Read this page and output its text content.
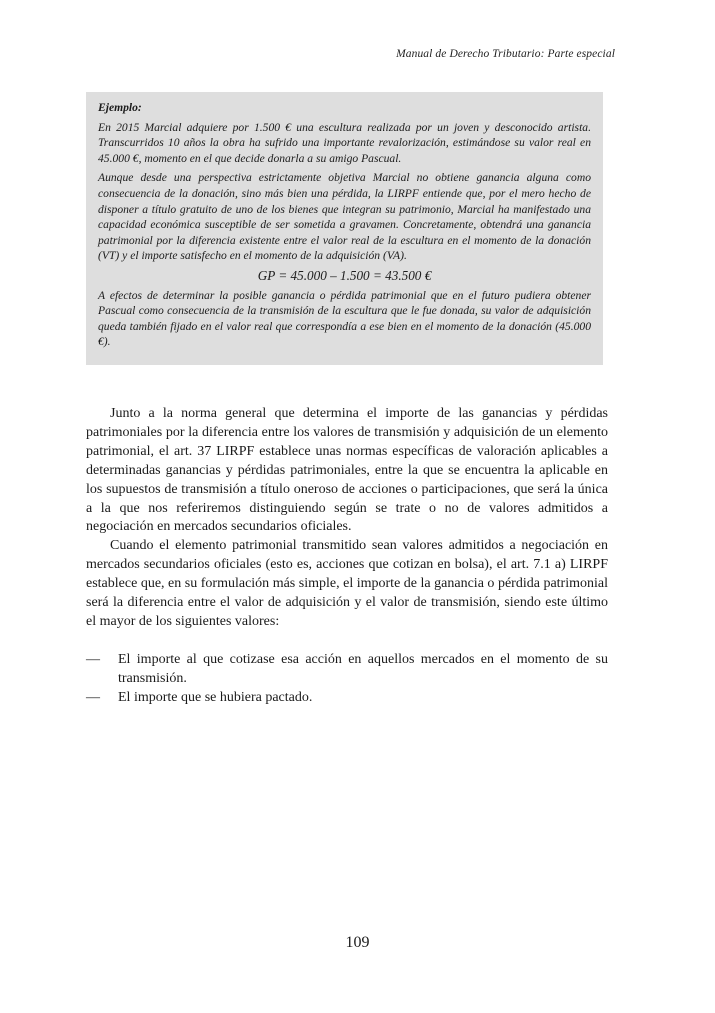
Manual de Derecho Tributario: Parte especial

Ejemplo:

En 2015 Marcial adquiere por 1.500 € una escultura realizada por un joven y desconocido artista. Transcurridos 10 años la obra ha sufrido una importante revalorización, estimándose su valor real en 45.000 €, momento en el que decide donarla a su amigo Pascual.

Aunque desde una perspectiva estrictamente objetiva Marcial no obtiene ganancia alguna como consecuencia de la donación, sino más bien una pérdida, la LIRPF entiende que, por el mero hecho de disponer a título gratuito de uno de los bienes que integran su patrimonio, Marcial ha manifestado una capacidad económica susceptible de ser sometida a gravamen. Concretamente, obtendrá una ganancia patrimonial por la diferencia existente entre el valor real de la escultura en el momento de la donación (VT) y el importe satisfecho en el momento de la adquisición (VA).

GP = 45.000 – 1.500 = 43.500 €

A efectos de determinar la posible ganancia o pérdida patrimonial que en el futuro pudiera obtener Pascual como consecuencia de la transmisión de la escultura que le fue donada, su valor de adquisición queda también fijado en el valor real que correspondía a ese bien en el momento de la donación (45.000 €).

Junto a la norma general que determina el importe de las ganancias y pérdidas patrimoniales por la diferencia entre los valores de transmisión y adquisición de un elemento patrimonial, el art. 37 LIRPF establece unas normas específicas de valoración aplicables a determinadas ganancias y pérdidas patrimoniales, entre la que se encuentra la aplicable en los supuestos de transmisión a título oneroso de acciones o participaciones, que será la única a la que nos referiremos distinguiendo según se trate o no de valores admitidos a negociación en mercados secundarios oficiales.

Cuando el elemento patrimonial transmitido sean valores admitidos a negociación en mercados secundarios oficiales (esto es, acciones que cotizan en bolsa), el art. 7.1 a) LIRPF establece que, en su formulación más simple, el importe de la ganancia o pérdida patrimonial será la diferencia entre el valor de adquisición y el valor de transmisión, siendo este último el mayor de los siguientes valores:

— El importe al que cotizase esa acción en aquellos mercados en el momento de su transmisión.
— El importe que se hubiera pactado.
109
